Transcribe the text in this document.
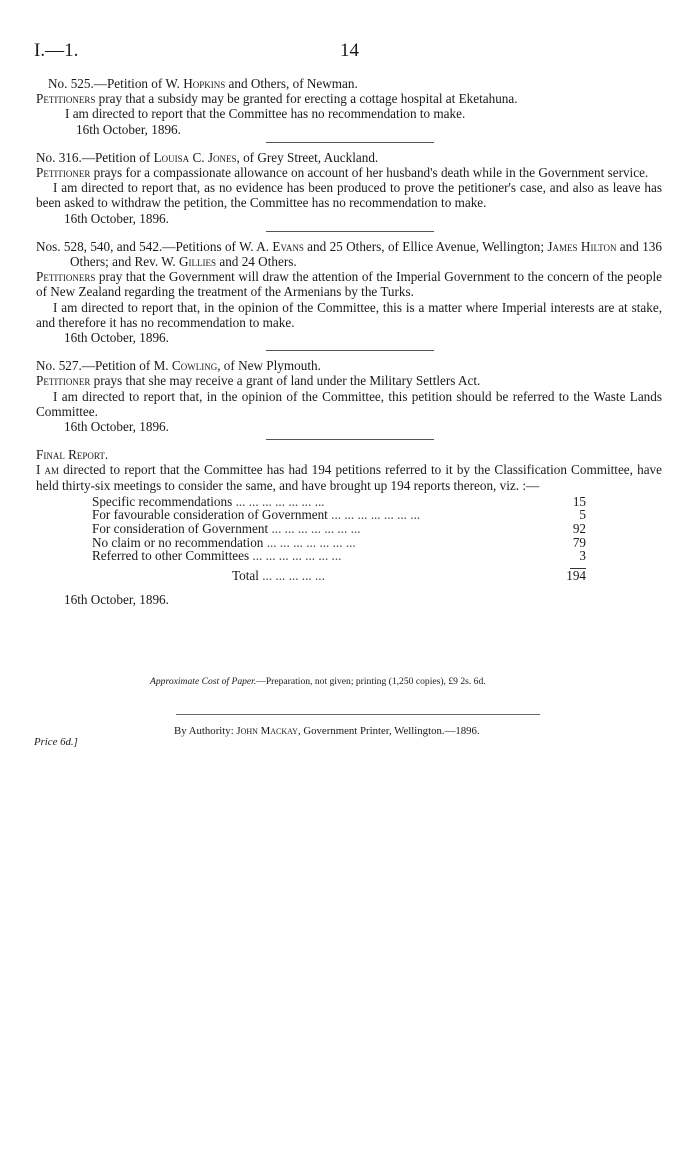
I.—1.	14

No. 525.—Petition of W. Hopkins and Others, of Newman.

Petitioners pray that a subsidy may be granted for erecting a cottage hospital at Eketahuna.

I am directed to report that the Committee has no recommendation to make.

16th October, 1896.

No. 316.—Petition of Louisa C. Jones, of Grey Street, Auckland.

Petitioner prays for a compassionate allowance on account of her husband's death while in the Government service.

I am directed to report that, as no evidence has been produced to prove the petitioner's case, and also as leave has been asked to withdraw the petition, the Committee has no recommendation to make.

16th October, 1896.

Nos. 528, 540, and 542.—Petitions of W. A. Evans and 25 Others, of Ellice Avenue, Wellington; James Hilton and 136 Others; and Rev. W. Gillies and 24 Others.

Petitioners pray that the Government will draw the attention of the Imperial Government to the concern of the people of New Zealand regarding the treatment of the Armenians by the Turks.

I am directed to report that, in the opinion of the Committee, this is a matter where Imperial interests are at stake, and therefore it has no recommendation to make.

16th October, 1896.

No. 527.—Petition of M. Cowling, of New Plymouth.

Petitioner prays that she may receive a grant of land under the Military Settlers Act.

I am directed to report that, in the opinion of the Committee, this petition should be referred to the Waste Lands Committee.

16th October, 1896.

Final Report.

I am directed to report that the Committee has had 194 petitions referred to it by the Classification Committee, have held thirty-six meetings to consider the same, and have brought up 194 reports thereon, viz. :—

Specific recommendations ... ... ... ... ... ... ...	15
For favourable consideration of Government ... ... ... ... ... ... ...	5
For consideration of Government ... ... ... ... ... ... ...	92
No claim or no recommendation ... ... ... ... ... ... ...	79
Referred to other Committees ... ... ... ... ... ... ...	3

Total ... ... ... ... ...	194

16th October, 1896.

Approximate Cost of Paper.—Preparation, not given; printing (1,250 copies), £9 2s. 6d.
By Authority: John Mackay, Government Printer, Wellington.—1896.
Price 6d.]
